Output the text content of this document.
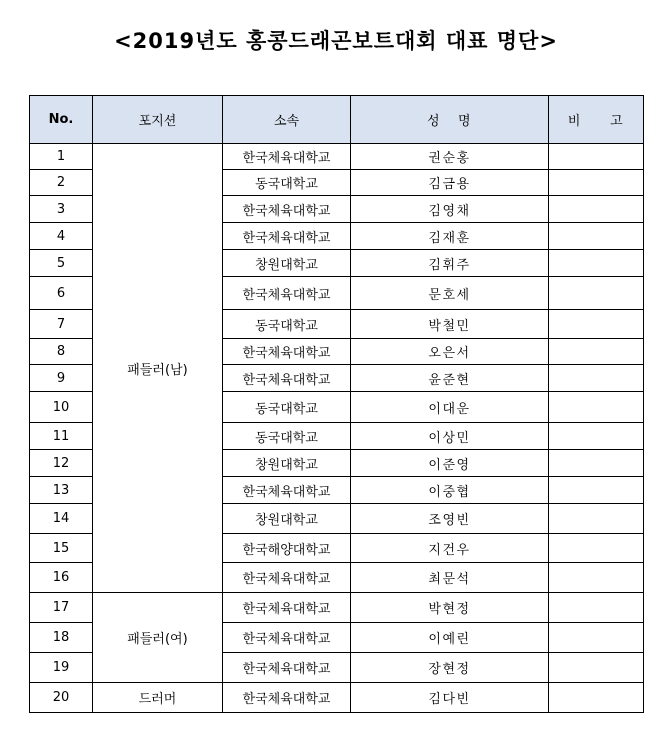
<2019년도 홍콩드래곤보트대회 대표 명단>
No.	포지션	소속	성   명	비     고
1	패들러(남)	한국체육대학교	권순홍	
2		동국대학교	김금용	
3		한국체육대학교	김영채	
4		한국체육대학교	김재훈	
5		창원대학교	김휘주	
6		한국체육대학교	문호세	
7		동국대학교	박철민	
8		한국체육대학교	오은서	
9		한국체육대학교	윤준현	
10		동국대학교	이대운	
11		동국대학교	이상민	
12		창원대학교	이준영	
13		한국체육대학교	이중협	
14		창원대학교	조영빈	
15		한국해양대학교	지건우	
16		한국체육대학교	최문석	
17	패들러(여)	한국체육대학교	박현정	
18		한국체육대학교	이예린	
19		한국체육대학교	장현정	
20	드러머	한국체육대학교	김다빈	
